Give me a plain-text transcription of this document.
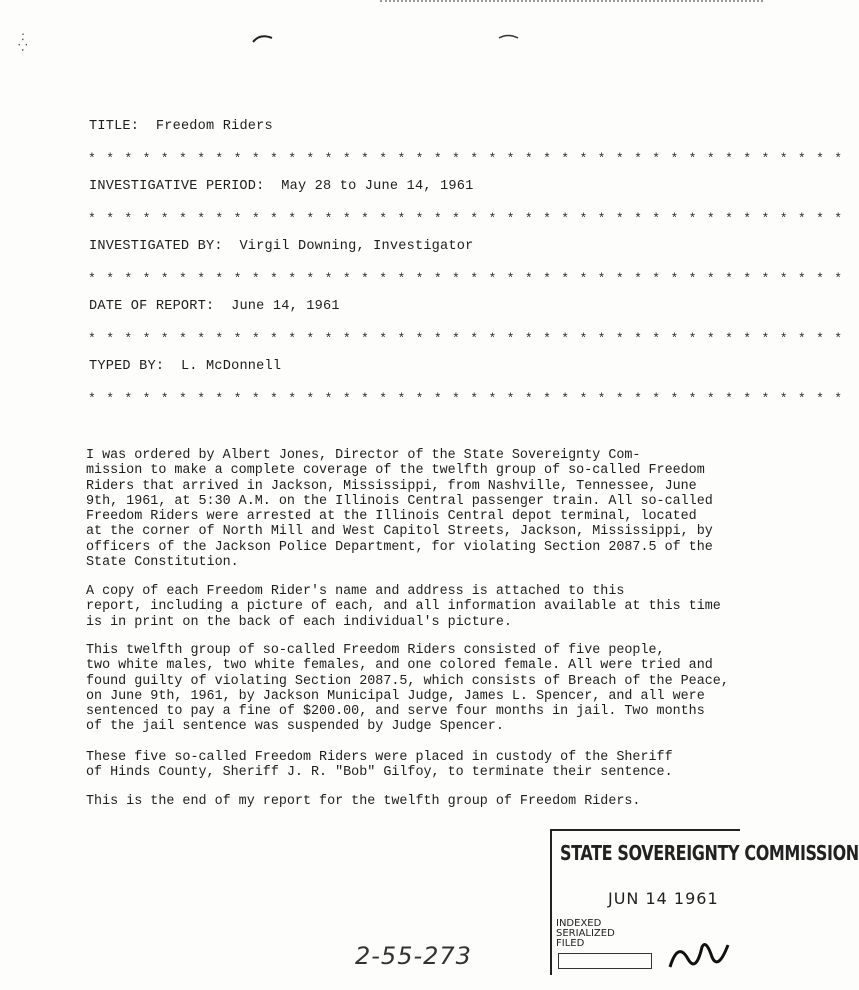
·
⁛
TITLE: Freedom Riders
* * * * * * * * * * * * * * * * * * * * * * * * * * * * * * * * * * * * * * * * * *
INVESTIGATIVE PERIOD: May 28 to June 14, 1961
* * * * * * * * * * * * * * * * * * * * * * * * * * * * * * * * * * * * * * * * * *
INVESTIGATED BY: Virgil Downing, Investigator
* * * * * * * * * * * * * * * * * * * * * * * * * * * * * * * * * * * * * * * * * *
DATE OF REPORT: June 14, 1961
* * * * * * * * * * * * * * * * * * * * * * * * * * * * * * * * * * * * * * * * * *
TYPED BY: L. McDonnell
* * * * * * * * * * * * * * * * * * * * * * * * * * * * * * * * * * * * * * * * * *
I was ordered by Albert Jones, Director of the State Sovereignty Com-
mission to make a complete coverage of the twelfth group of so-called Freedom
Riders that arrived in Jackson, Mississippi, from Nashville, Tennessee, June
9th, 1961, at 5:30 A.M. on the Illinois Central passenger train. All so-called
Freedom Riders were arrested at the Illinois Central depot terminal, located
at the corner of North Mill and West Capitol Streets, Jackson, Mississippi, by
officers of the Jackson Police Department, for violating Section 2087.5 of the
State Constitution.
A copy of each Freedom Rider's name and address is attached to this
report, including a picture of each, and all information available at this time
is in print on the back of each individual's picture.
This twelfth group of so-called Freedom Riders consisted of five people,
two white males, two white females, and one colored female. All were tried and
found guilty of violating Section 2087.5, which consists of Breach of the Peace,
on June 9th, 1961, by Jackson Municipal Judge, James L. Spencer, and all were
sentenced to pay a fine of $200.00, and serve four months in jail. Two months
of the jail sentence was suspended by Judge Spencer.
These five so-called Freedom Riders were placed in custody of the Sheriff
of Hinds County, Sheriff J. R. "Bob" Gilfoy, to terminate their sentence.
This is the end of my report for the twelfth group of Freedom Riders.
STATE SOVEREIGNTY COMMISSION
JUN 14 1961
INDEXED
SERIALIZED
FILED
2-55-273
